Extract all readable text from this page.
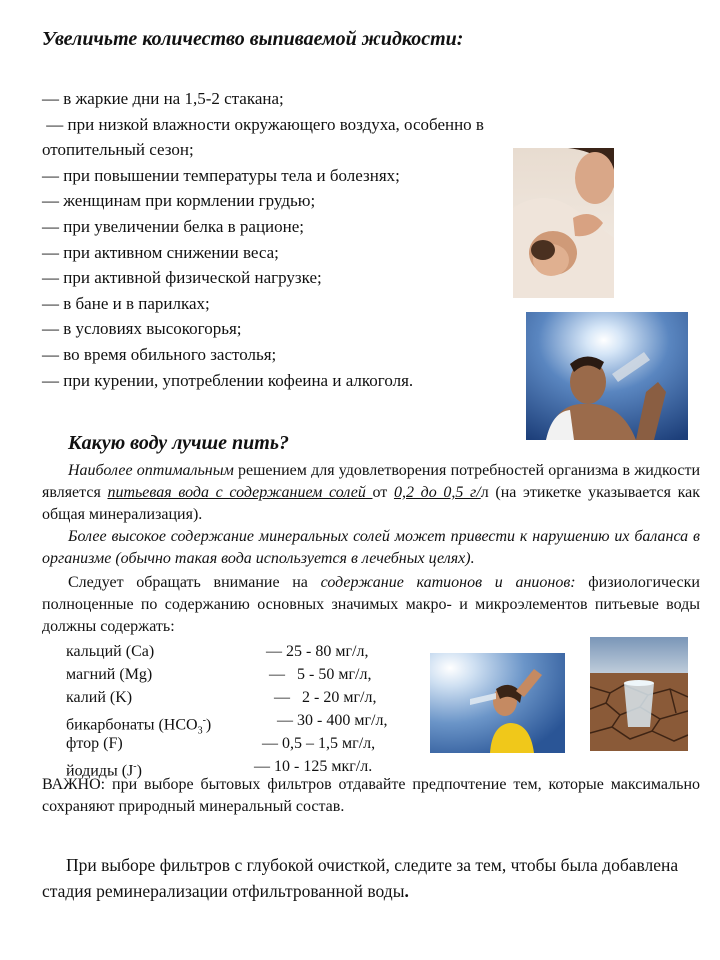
Увеличьте количество выпиваемой жидкости:
— в жаркие дни на 1,5-2 стакана;
— при низкой влажности окружающего воздуха, особенно в
отопительный сезон;
— при повышении температуры тела и болезнях;
— женщинам при кормлении грудью;
— при увеличении белка в рационе;
— при активном снижении веса;
— при активной физической нагрузке;
— в бане и в парилках;
— в условиях высокогорья;
— во время обильного застолья;
— при курении, употреблении кофеина и алкоголя.
Какую воду лучше пить?
Наиболее оптимальным решением для удовлетворения потребностей организма в жидкости является питьевая вода с содержанием солей от 0,2 до 0,5 г/л (на этикетке указывается как общая минерализация).
Более высокое содержание минеральных солей может привести к нарушению их баланса в организме (обычно такая вода используется в лечебных целях).
Следует обращать внимание на содержание катионов и анионов: физиологически полноценные по содержанию основных значимых макро- и микроэлементов питьевые воды должны содержать:
кальций (Ca)	— 25 - 80 мг/л,
магний (Mg)	—   5 - 50 мг/л,
калий (K)	—   2 - 20 мг/л,
бикарбонаты $(HCO_3^-)$	— 30 - 400 мг/л,
фтор (F)	— 0,5 – 1,5 мг/л,
йодиды (J-)	— 10 - 125 мкг/л.
ВАЖНО: при выборе бытовых фильтров отдавайте предпочтение тем, которые максимально сохраняют природный минеральный состав.
При выборе фильтров с глубокой очисткой, следите за тем, чтобы была добавлена стадия реминерализации отфильтрованной воды.
